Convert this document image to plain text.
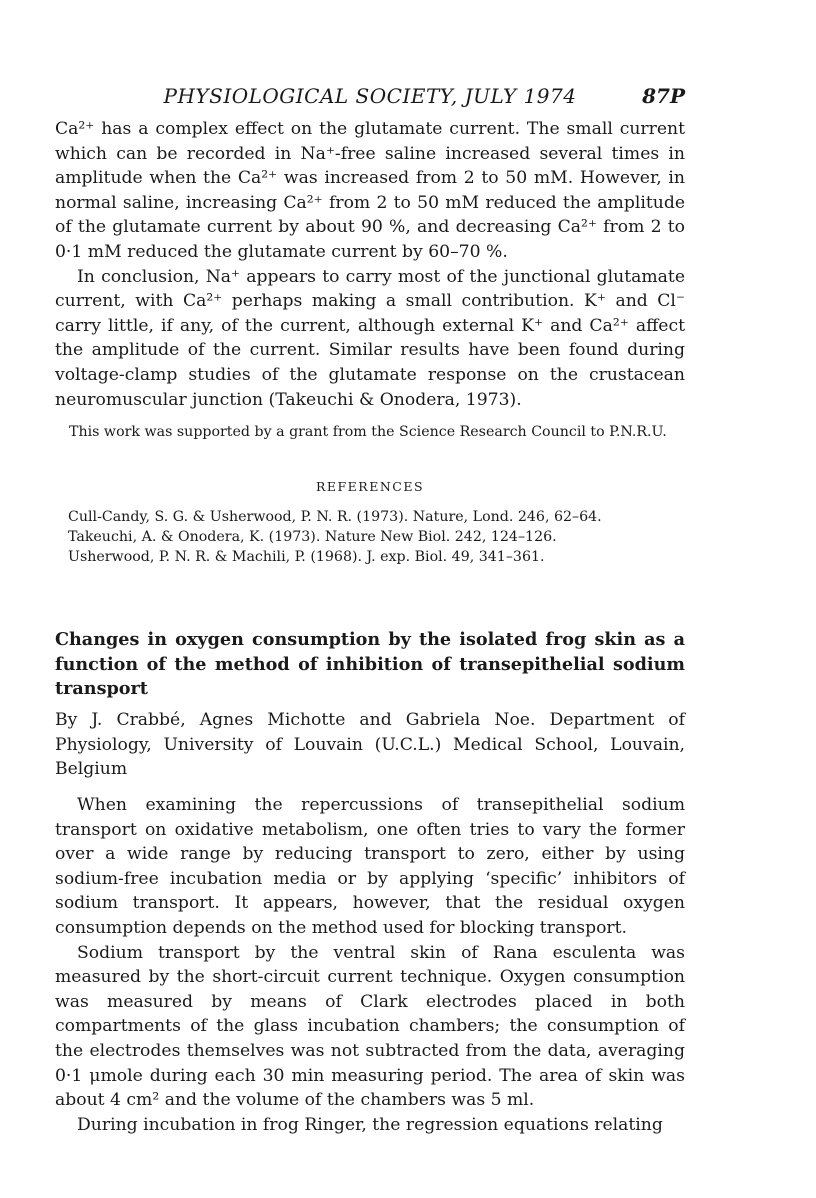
PHYSIOLOGICAL SOCIETY, JULY 1974	87P

Ca²⁺ has a complex effect on the glutamate current. The small current which can be recorded in Na⁺-free saline increased several times in amplitude when the Ca²⁺ was increased from 2 to 50 mM. However, in normal saline, increasing Ca²⁺ from 2 to 50 mM reduced the amplitude of the glutamate current by about 90 %, and decreasing Ca²⁺ from 2 to 0·1 mM reduced the glutamate current by 60–70 %.

In conclusion, Na⁺ appears to carry most of the junctional glutamate current, with Ca²⁺ perhaps making a small contribution. K⁺ and Cl⁻ carry little, if any, of the current, although external K⁺ and Ca²⁺ affect the amplitude of the current. Similar results have been found during voltage-clamp studies of the glutamate response on the crustacean neuromuscular junction (Takeuchi & Onodera, 1973).

This work was supported by a grant from the Science Research Council to P.N.R.U.
REFERENCES
Cull-Candy, S. G. & Usherwood, P. N. R. (1973). Nature, Lond. 246, 62–64.
Takeuchi, A. & Onodera, K. (1973). Nature New Biol. 242, 124–126.
Usherwood, P. N. R. & Machili, P. (1968). J. exp. Biol. 49, 341–361.
Changes in oxygen consumption by the isolated frog skin as a function of the method of inhibition of transepithelial sodium transport
By J. Crabbé, Agnes Michotte and Gabriela Noe. Department of Physiology, University of Louvain (U.C.L.) Medical School, Louvain, Belgium

When examining the repercussions of transepithelial sodium transport on oxidative metabolism, one often tries to vary the former over a wide range by reducing transport to zero, either by using sodium-free incubation media or by applying ‘specific’ inhibitors of sodium transport. It appears, however, that the residual oxygen consumption depends on the method used for blocking transport.

Sodium transport by the ventral skin of Rana esculenta was measured by the short-circuit current technique. Oxygen consumption was measured by means of Clark electrodes placed in both compartments of the glass incubation chambers; the consumption of the electrodes themselves was not subtracted from the data, averaging 0·1 μmole during each 30 min measuring period. The area of skin was about 4 cm² and the volume of the chambers was 5 ml.

During incubation in frog Ringer, the regression equations relating
